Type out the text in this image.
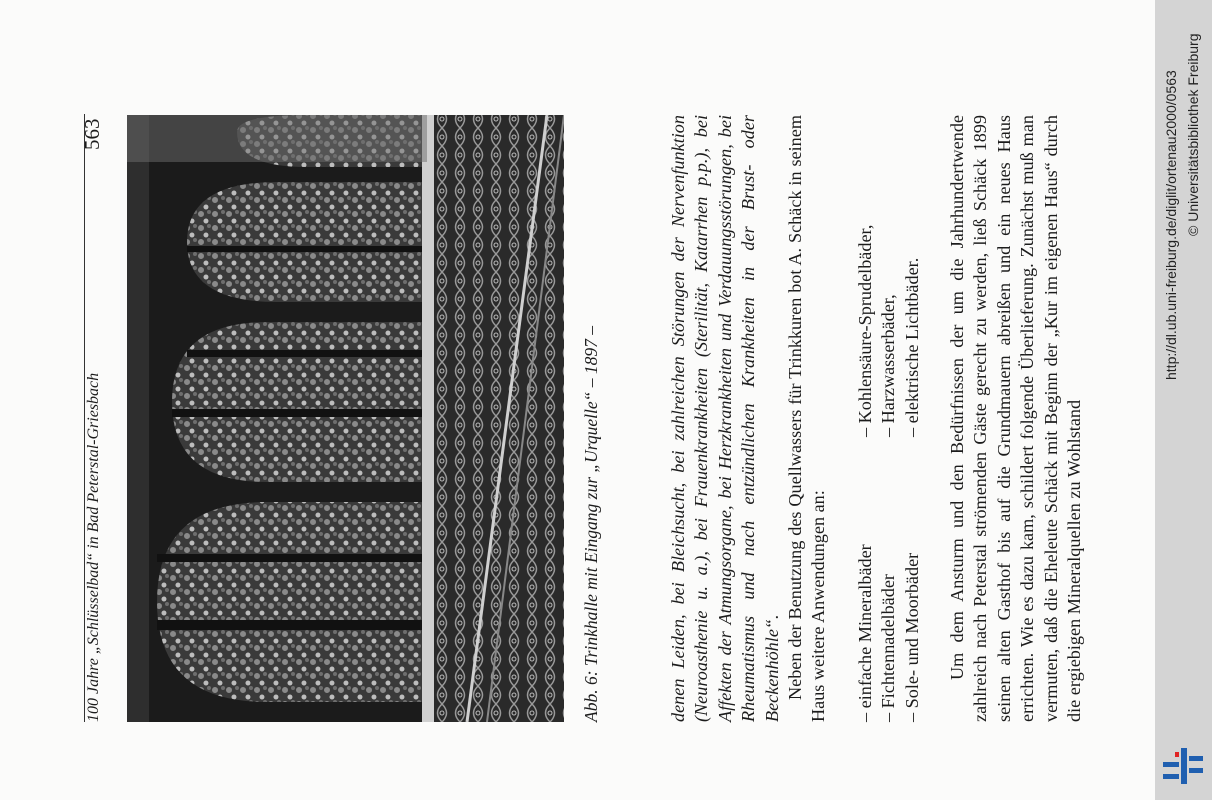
100 Jahre „Schlüsselbad“ in Bad Peterstal-Griesbach
563
Abb. 6: Trinkhalle mit Eingang zur „Urquelle“ – 1897 –	denen Leiden, bei Bleichsucht, bei zahlreichen Störungen der Nervenfunktion (Neuroasthenie u. a.), bei Frauenkrankheiten (Sterilität, Katarrhen p.p.), bei Affekten der Atmungsorgane, bei Herzkrankheiten und Verdauungsstörungen, bei Rheumatismus und nach entzündlichen Krankheiten in der Brust- oder Beckenhöhle“. Neben der Benutzung des Quellwassers für Trinkkuren bot A. Schäck in seinem Haus weitere Anwendungen an: – einfache Mineralbäder – Fichtennadelbäder – Sole- und Moorbäder
– Kohlensäure-Sprudelbäder, – Harzwasserbäder, – elektrische Lichtbäder. Um dem Ansturm und den Bedürfnissen der um die Jahrhundertwende zahlreich nach Peterstal strömenden Gäste gerecht zu werden, ließ Schäck 1899 seinen alten Gasthof bis auf die Grundmauern abreißen und ein neues Haus errichten. Wie es dazu kam, schildert folgende Überlieferung. Zunächst muß man vermuten, daß die Eheleute Schäck mit Beginn der „Kur im eigenen Haus“ durch die ergiebigen Mineralquellen zu Wohlstand

http://dl.ub.uni-freiburg.de/diglit/ortenau2000/0563 © Universitätsbibliothek Freiburg
